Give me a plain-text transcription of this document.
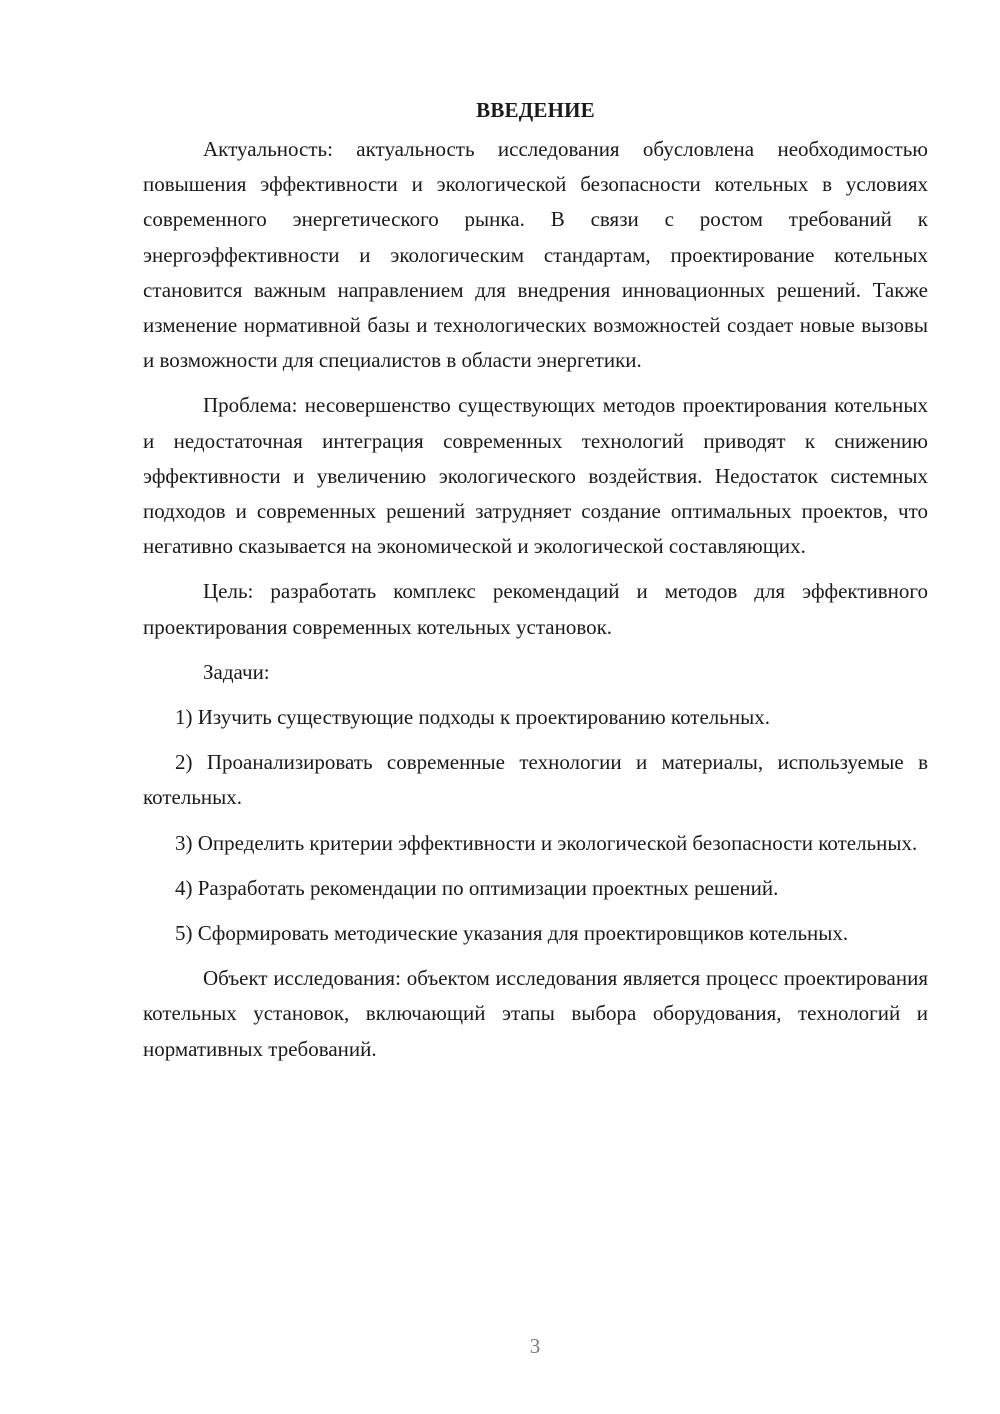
ВВЕДЕНИЕ

Актуальность: актуальность исследования обусловлена необходимостью повышения эффективности и экологической безопасности котельных в условиях современного энергетического рынка. В связи с ростом требований к энергоэффективности и экологическим стандартам, проектирование котельных становится важным направлением для внедрения инновационных решений. Также изменение нормативной базы и технологических возможностей создает новые вызовы и возможности для специалистов в области энергетики.

Проблема: несовершенство существующих методов проектирования котельных и недостаточная интеграция современных технологий приводят к снижению эффективности и увеличению экологического воздействия. Недостаток системных подходов и современных решений затрудняет создание оптимальных проектов, что негативно сказывается на экономической и экологической составляющих.

Цель: разработать комплекс рекомендаций и методов для эффективного проектирования современных котельных установок.

Задачи:

1) Изучить существующие подходы к проектированию котельных.

2) Проанализировать современные технологии и материалы, используемые в котельных.

3) Определить критерии эффективности и экологической безопасности котельных.

4) Разработать рекомендации по оптимизации проектных решений.

5) Сформировать методические указания для проектировщиков котельных.

Объект исследования: объектом исследования является процесс проектирования котельных установок, включающий этапы выбора оборудования, технологий и нормативных требований.

3
